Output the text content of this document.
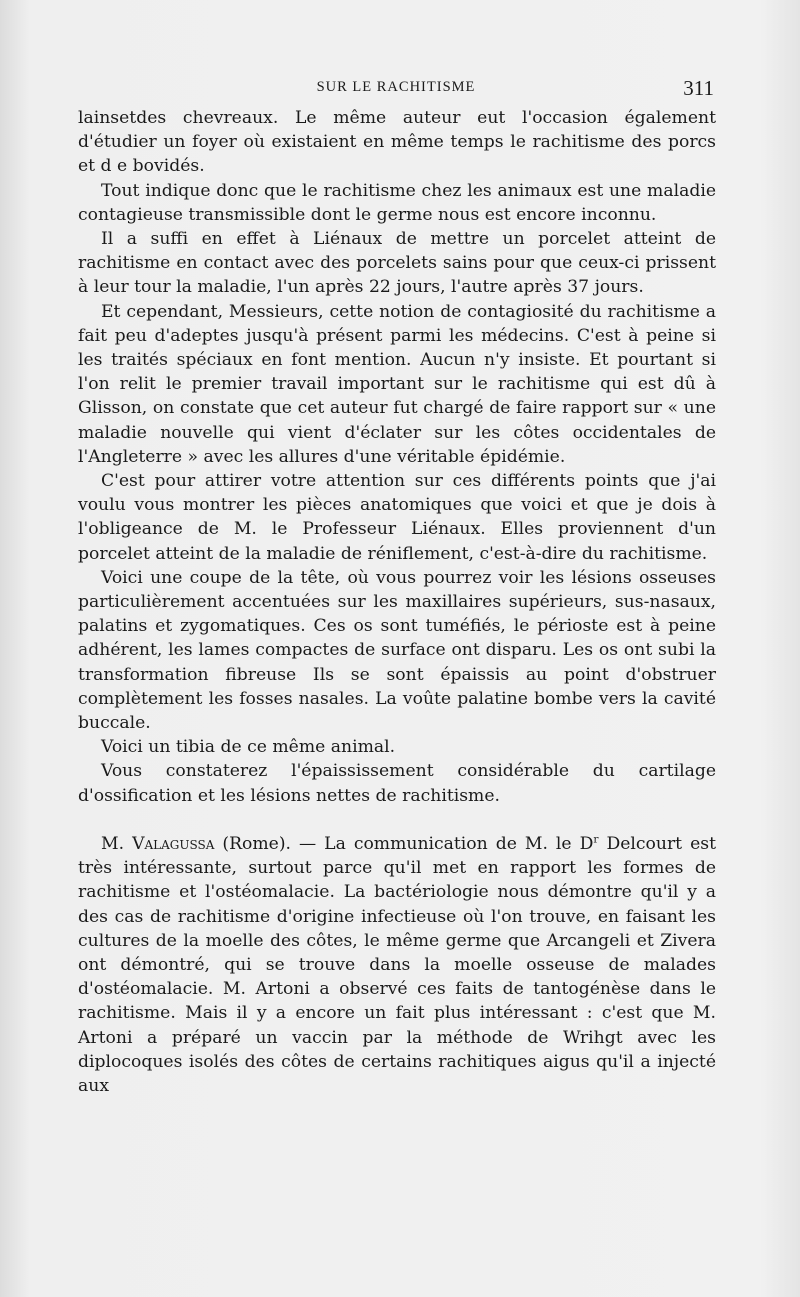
SUR LE RACHITISME	311

lainsetdes chevreaux. Le même auteur eut l'occasion également d'étudier un foyer où existaient en même temps le rachitisme des porcs et d e bovidés.

Tout indique donc que le rachitisme chez les animaux est une maladie contagieuse transmissible dont le germe nous est encore inconnu.

Il a suffi en effet à Liénaux de mettre un porcelet atteint de rachitisme en contact avec des porcelets sains pour que ceux-ci prissent à leur tour la maladie, l'un après 22 jours, l'autre après 37 jours.

Et cependant, Messieurs, cette notion de contagiosité du rachitisme a fait peu d'adeptes jusqu'à présent parmi les médecins. C'est à peine si les traités spéciaux en font mention. Aucun n'y insiste. Et pourtant si l'on relit le premier travail important sur le rachitisme qui est dû à Glisson, on constate que cet auteur fut chargé de faire rapport sur « une maladie nouvelle qui vient d'éclater sur les côtes occidentales de l'Angleterre » avec les allures d'une véritable épidémie.

C'est pour attirer votre attention sur ces différents points que j'ai voulu vous montrer les pièces anatomiques que voici et que je dois à l'obligeance de M. le Professeur Liénaux. Elles proviennent d'un porcelet atteint de la maladie de réniflement, c'est-à-dire du rachitisme.

Voici une coupe de la tête, où vous pourrez voir les lésions osseuses particulièrement accentuées sur les maxillaires supérieurs, sus-nasaux, palatins et zygomatiques. Ces os sont tuméfiés, le périoste est à peine adhérent, les lames compactes de surface ont disparu. Les os ont subi la transformation fibreuse Ils se sont épaissis au point d'obstruer complètement les fosses nasales. La voûte palatine bombe vers la cavité buccale.

Voici un tibia de ce même animal.

Vous constaterez l'épaississement considérable du cartilage d'ossification et les lésions nettes de rachitisme.

M. Valagussa (Rome). — La communication de M. le $D^r$ Delcourt est très intéressante, surtout parce qu'il met en rapport les formes de rachitisme et l'ostéomalacie. La bactériologie nous démontre qu'il y a des cas de rachitisme d'origine infectieuse où l'on trouve, en faisant les cultures de la moelle des côtes, le même germe que Arcangeli et Zivera ont démontré, qui se trouve dans la moelle osseuse de malades d'ostéomalacie. M. Artoni a observé ces faits de tantogénèse dans le rachitisme. Mais il y a encore un fait plus intéressant : c'est que M. Artoni a préparé un vaccin par la méthode de Wrihgt avec les diplocoques isolés des côtes de certains rachitiques aigus qu'il a injecté aux
